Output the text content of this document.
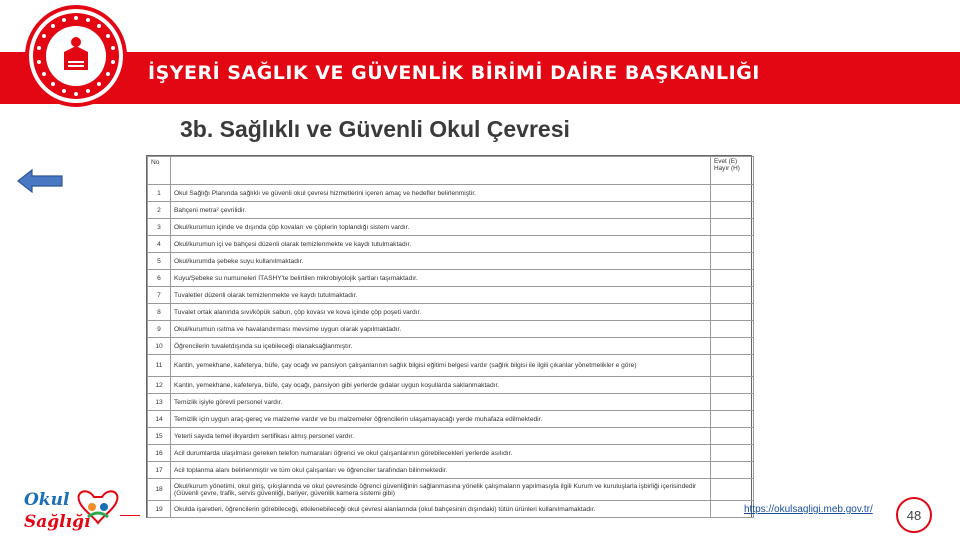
İŞYERİ SAĞLIK VE GÜVENLİK BİRİMİ DAİRE BAŞKANLIĞI
3b. Sağlıklı ve Güvenli Okul Çevresi
No		Evet (E) Hayır (H)
1	Okul Sağlığı Planında sağlıklı ve güvenli okul çevresi hizmetlerini içeren amaç ve hedefler belirlenmiştir.	
2	Bahçeni metra² çevrilidir.	
3	Okul/kurumun içinde ve dışında çöp kovaları ve çöplerin toplandığı sistem vardır.	
4	Okul/kurumun içi ve bahçesi düzenli olarak temizlenmekte ve kaydı tutulmaktadır.	
5	Okul/kurumda şebeke suyu kullanılmaktadır.	
6	Kuyu/Şebeke su numuneleri İTASHY'te belirtilen mikrobiyolojik şartları taşımaktadır.	
7	Tuvaletler düzenli olarak temizlenmekte ve kaydı tutulmaktadır.	
8	Tuvalet ortak alanında sıvı/köpük sabun, çöp kovası ve kova içinde çöp poşeti vardır.	
9	Okul/kurumun ısıtma ve havalandırması mevsime uygun olarak yapılmaktadır.	
10	Öğrencilerin tuvaletdışında su içebileceği olanaksağlanmıştır.	
11	Kantin, yemekhane, kafeterya, büfe, çay ocağı ve pansiyon çalışanlarının sağlık bilgisi eğitimi belgesi vardır (sağlık bilgisi ile ilgili çıkanlar yönetmelikler e göre)	
12	Kantin, yemekhane, kafeterya, büfe, çay ocağı, pansiyon gibi yerlerde gıdalar uygun koşullarda saklanmaktadır.	
13	Temizlik işiyle görevli personel vardır.	
14	Temizlik için uygun araç-gereç ve malzeme vardır ve bu malzemeler öğrencilerin ulaşamayacağı yerde muhafaza edilmektedir.	
15	Yeterli sayıda temel ilkyardım sertifikası almış personel vardır.	
16	Acil durumlarda ulaşılması gereken telefon numaraları öğrenci ve okul çalışanlarının görebilecekleri yerlerde asılıdır.	
17	Acil toplanma alanı belirlenmiştir ve tüm okul çalışanları ve öğrenciler tarafından bilinmektedir.	
18	Okul/kurum yönetimi, okul giriş, çıkışlarında ve okul çevresinde öğrenci güvenliğinin sağlanmasına yönelik çalışmaların yapılmasıyla ilgili Kurum ve kuruluşlarla işbirliği içerisindedir (Güvenli çevre, trafik, servis güvenliği, bariyer, güvenlik kamera sistemi gibi)	
19	Okulda işaretleri, öğrencilerin görebileceği, etkilenebileceği okul çevresi alanlarında (okul bahçesinin dışındaki) tütün ürünleri kullanılmamaktadır.	
Okul
Sağlığı
https://okulsagligi.meb.gov.tr/	48
